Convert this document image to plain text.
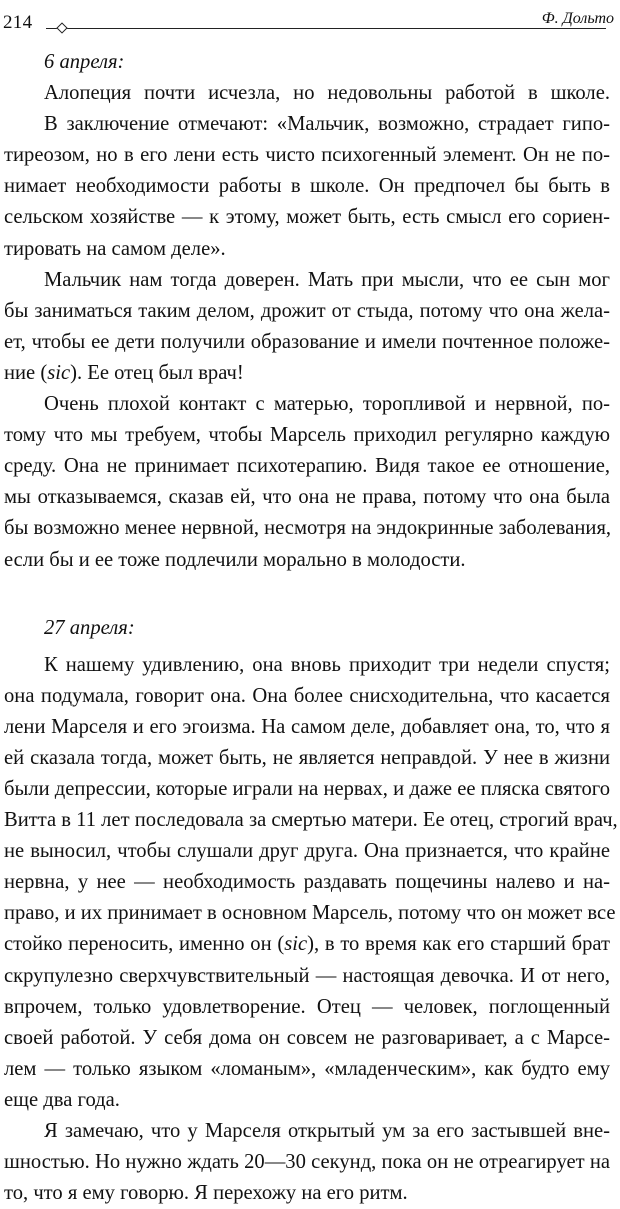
214	Ф. Дольто
6 апреля:
Алопеция почти исчезла, но недовольны работой в школе.
В заключение отмечают: «Мальчик, возможно, страдает гипо-
тиреозом, но в его лени есть чисто психогенный элемент. Он не по-
нимает необходимости работы в школе. Он предпочел бы быть в
сельском хозяйстве — к этому, может быть, есть смысл его сориен-
тировать на самом деле».
Мальчик нам тогда доверен. Мать при мысли, что ее сын мог
бы заниматься таким делом, дрожит от стыда, потому что она жела-
ет, чтобы ее дети получили образование и имели почтенное положе-
ние (sic). Ее отец был врач!
Очень плохой контакт с матерью, торопливой и нервной, по-
тому что мы требуем, чтобы Марсель приходил регулярно каждую
среду. Она не принимает психотерапию. Видя такое ее отношение,
мы отказываемся, сказав ей, что она не права, потому что она была
бы возможно менее нервной, несмотря на эндокринные заболевания,
если бы и ее тоже подлечили морально в молодости.
27 апреля:
К нашему удивлению, она вновь приходит три недели спустя;
она подумала, говорит она. Она более снисходительна, что касается
лени Марселя и его эгоизма. На самом деле, добавляет она, то, что я
ей сказала тогда, может быть, не является неправдой. У нее в жизни
были депрессии, которые играли на нервах, и даже ее пляска святого
Витта в 11 лет последовала за смертью матери. Ее отец, строгий врач,
не выносил, чтобы слушали друг друга. Она признается, что крайне
нервна, у нее — необходимость раздавать пощечины налево и на-
право, и их принимает в основном Марсель, потому что он может все
стойко переносить, именно он (sic), в то время как его старший брат
скрупулезно сверхчувствительный — настоящая девочка. И от него,
впрочем, только удовлетворение. Отец — человек, поглощенный
своей работой. У себя дома он совсем не разговаривает, а с Марсе-
лем — только языком «ломаным», «младенческим», как будто ему
еще два года.
Я замечаю, что у Марселя открытый ум за его застывшей вне-
шностью. Но нужно ждать 20—30 секунд, пока он не отреагирует на
то, что я ему говорю. Я перехожу на его ритм.
